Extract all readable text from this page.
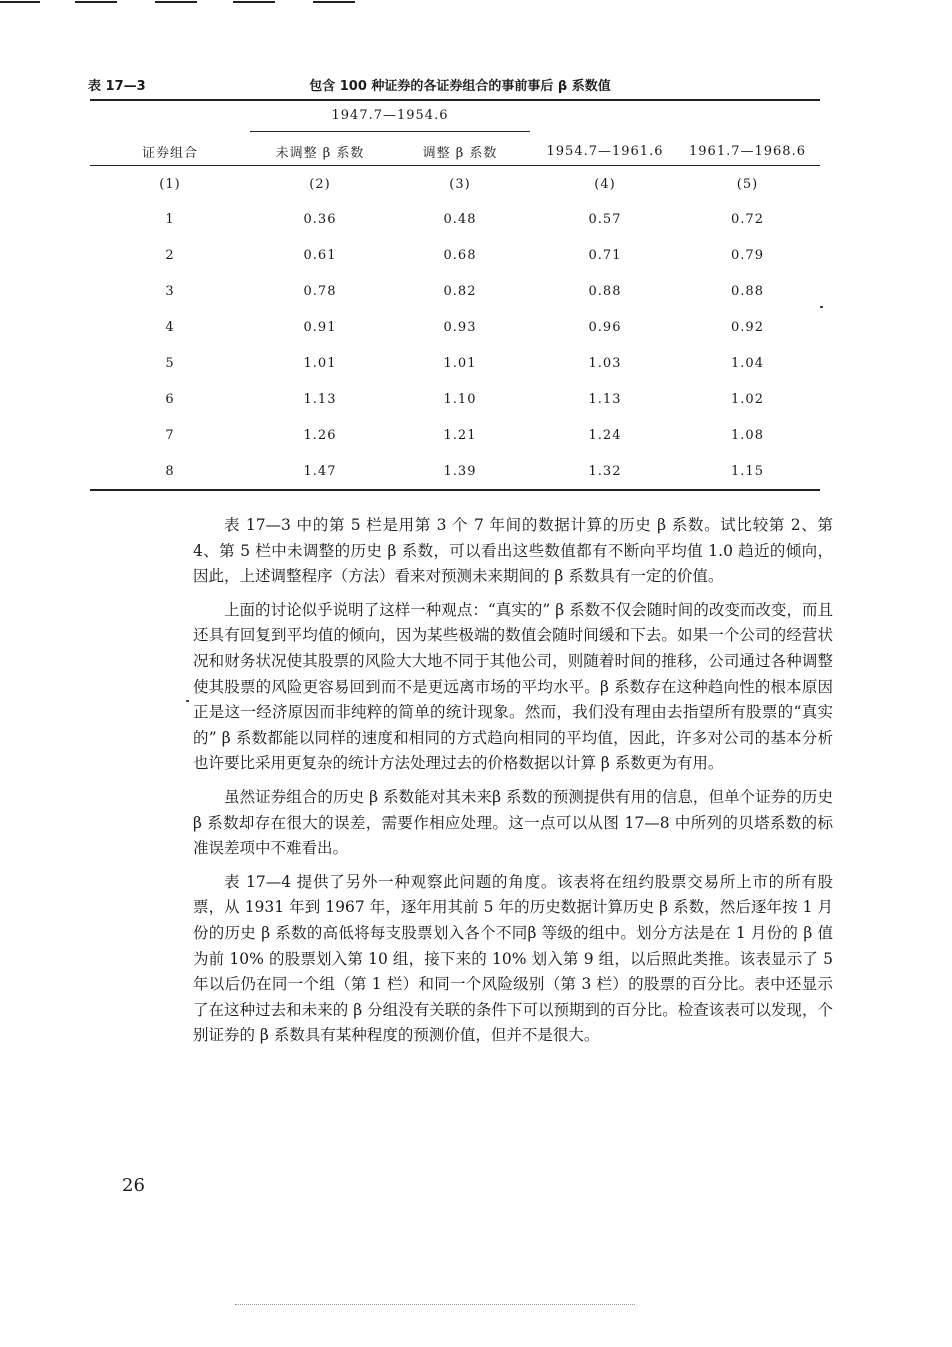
表 17—3	包含 100 种证券的各证券组合的事前事后 β 系数值
1947.7—1954.6
证券组合	未调整 β 系数	调整 β 系数	1954.7—1961.6	1961.7—1968.6
(1)	(2)	(3)	(4)	(5)
1	0.36	0.48	0.57	0.72
2	0.61	0.68	0.71	0.79
3	0.78	0.82	0.88	0.88
4	0.91	0.93	0.96	0.92
5	1.01	1.01	1.03	1.04
6	1.13	1.10	1.13	1.02
7	1.26	1.21	1.24	1.08
8	1.47	1.39	1.32	1.15

表 17—3 中的第 5 栏是用第 3 个 7 年间的数据计算的历史 β 系数。试比较第 2、第 4、第 5 栏中未调整的历史 β 系数，可以看出这些数值都有不断向平均值 1.0 趋近的倾向，因此，上述调整程序（方法）看来对预测未来期间的 β 系数具有一定的价值。

上面的讨论似乎说明了这样一种观点：“真实的” β 系数不仅会随时间的改变而改变，而且还具有回复到平均值的倾向，因为某些极端的数值会随时间缓和下去。如果一个公司的经营状况和财务状况使其股票的风险大大地不同于其他公司，则随着时间的推移，公司通过各种调整使其股票的风险更容易回到而不是更远离市场的平均水平。β 系数存在这种趋向性的根本原因正是这一经济原因而非纯粹的简单的统计现象。然而，我们没有理由去指望所有股票的“真实的” β 系数都能以同样的速度和相同的方式趋向相同的平均值，因此，许多对公司的基本分析也许要比采用更复杂的统计方法处理过去的价格数据以计算 β 系数更为有用。

虽然证券组合的历史 β 系数能对其未来β 系数的预测提供有用的信息，但单个证券的历史 β 系数却存在很大的误差，需要作相应处理。这一点可以从图 17—8 中所列的贝塔系数的标准误差项中不难看出。

表 17—4 提供了另外一种观察此问题的角度。该表将在纽约股票交易所上市的所有股票，从 1931 年到 1967 年，逐年用其前 5 年的历史数据计算历史 β 系数，然后逐年按 1 月份的历史 β 系数的高低将每支股票划入各个不同β 等级的组中。划分方法是在 1 月份的 β 值为前 10% 的股票划入第 10 组，接下来的 10% 划入第 9 组，以后照此类推。该表显示了 5 年以后仍在同一个组（第 1 栏）和同一个风险级别（第 3 栏）的股票的百分比。表中还显示了在这种过去和未来的 β 分组没有关联的条件下可以预期到的百分比。检查该表可以发现，个别证券的 β 系数具有某种程度的预测价值，但并不是很大。

26
